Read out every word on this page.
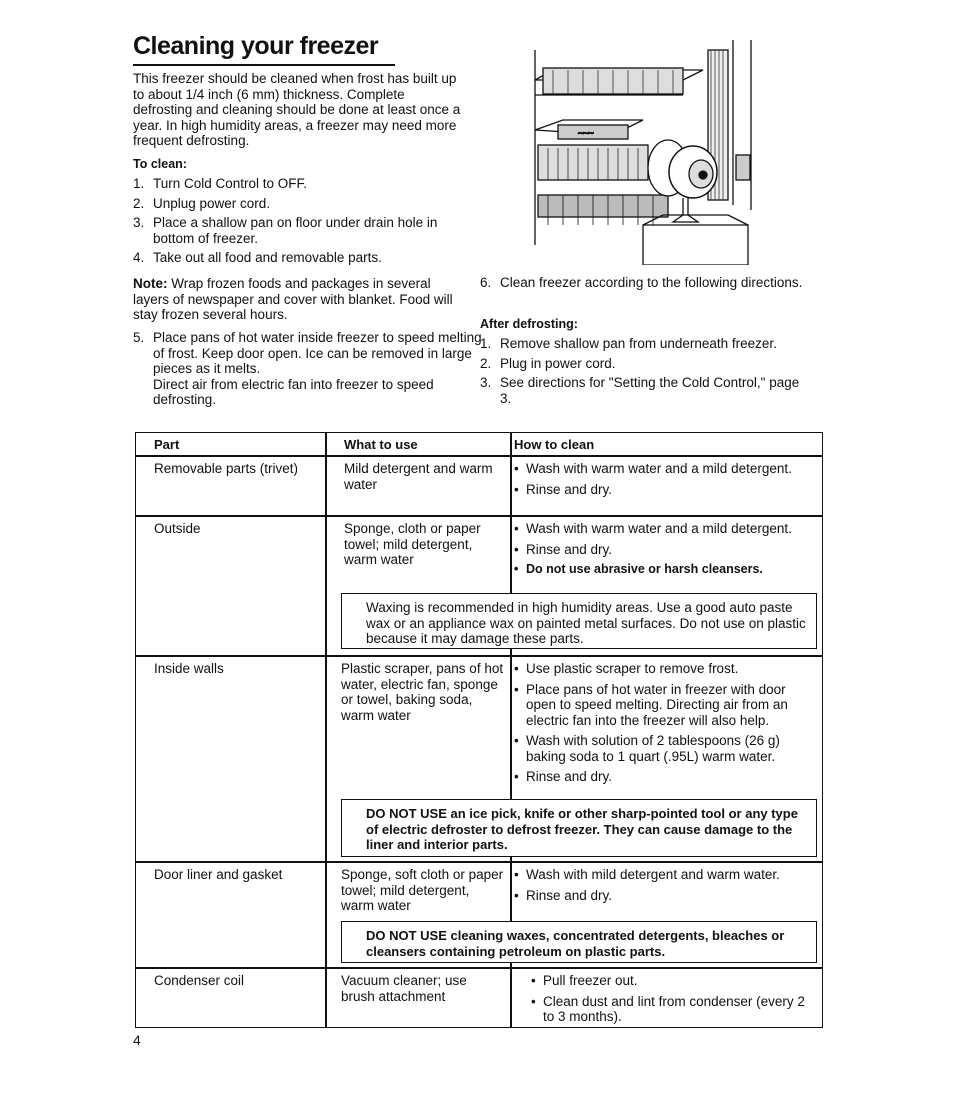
Cleaning your freezer
This freezer should be cleaned when frost has built up to about 1/4 inch (6 mm) thickness. Complete defrosting and cleaning should be done at least once a year. In high humidity areas, a freezer may need more frequent defrosting.
To clean:
1. Turn Cold Control to OFF.
2. Unplug power cord.
3. Place a shallow pan on floor under drain hole in bottom of freezer.
4. Take out all food and removable parts.
Note: Wrap frozen foods and packages in several layers of newspaper and cover with blanket. Food will stay frozen several hours.
5. Place pans of hot water inside freezer to speed melting of frost. Keep door open. Ice can be removed in large pieces as it melts.
Direct air from electric fan into freezer to speed defrosting.
~~~
6. Clean freezer according to the following directions.
After defrosting:
1. Remove shallow pan from underneath freezer.
2. Plug in power cord.
3. See directions for "Setting the Cold Control," page 3.
Part	What to use	How to clean
Removable parts (trivet)	Mild detergent and warm water
• Wash with warm water and a mild detergent.
• Rinse and dry.
Outside	Sponge, cloth or paper towel; mild detergent, warm water
• Wash with warm water and a mild detergent.
• Rinse and dry.
• Do not use abrasive or harsh cleansers.
Waxing is recommended in high humidity areas. Use a good auto paste wax or an appliance wax on painted metal surfaces. Do not use on plastic because it may damage these parts.
Inside walls	Plastic scraper, pans of hot water, electric fan, sponge or towel, baking soda, warm water
• Use plastic scraper to remove frost.
• Place pans of hot water in freezer with door open to speed melting. Directing air from an electric fan into the freezer will also help.
• Wash with solution of 2 tablespoons (26 g) baking soda to 1 quart (.95L) warm water.
• Rinse and dry.
DO NOT USE an ice pick, knife or other sharp-pointed tool or any type of electric defroster to defrost freezer. They can cause damage to the liner and interior parts.
Door liner and gasket	Sponge, soft cloth or paper towel; mild detergent, warm water
• Wash with mild detergent and warm water.
• Rinse and dry.
DO NOT USE cleaning waxes, concentrated detergents, bleaches or cleansers containing petroleum on plastic parts.
Condenser coil	Vacuum cleaner; use brush attachment
• Pull freezer out.
• Clean dust and lint from condenser (every 2 to 3 months).
4
